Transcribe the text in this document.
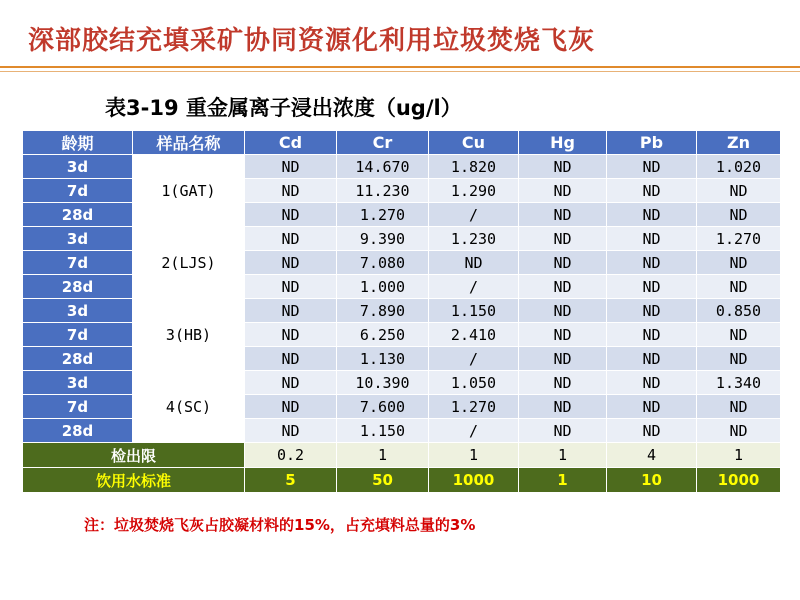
深部胶结充填采矿协同资源化利用垃圾焚烧飞灰
表3-19 重金属离子浸出浓度（ug/l）
龄期	样品名称	Cd	Cr	Cu	Hg	Pb	Zn
3d	1(GAT)	ND	14.670	1.820	ND	ND	1.020
7d		ND	11.230	1.290	ND	ND	ND
28d		ND	1.270	/	ND	ND	ND
3d	2(LJS)	ND	9.390	1.230	ND	ND	1.270
7d		ND	7.080	ND	ND	ND	ND
28d		ND	1.000	/	ND	ND	ND
3d	3(HB)	ND	7.890	1.150	ND	ND	0.850
7d		ND	6.250	2.410	ND	ND	ND
28d		ND	1.130	/	ND	ND	ND
3d	4(SC)	ND	10.390	1.050	ND	ND	1.340
7d		ND	7.600	1.270	ND	ND	ND
28d		ND	1.150	/	ND	ND	ND
检出限		0.2	1	1	1	4	1
饮用水标准		5	50	1000	1	10	1000
注：垃圾焚烧飞灰占胶凝材料的15%，占充填料总量的3%
